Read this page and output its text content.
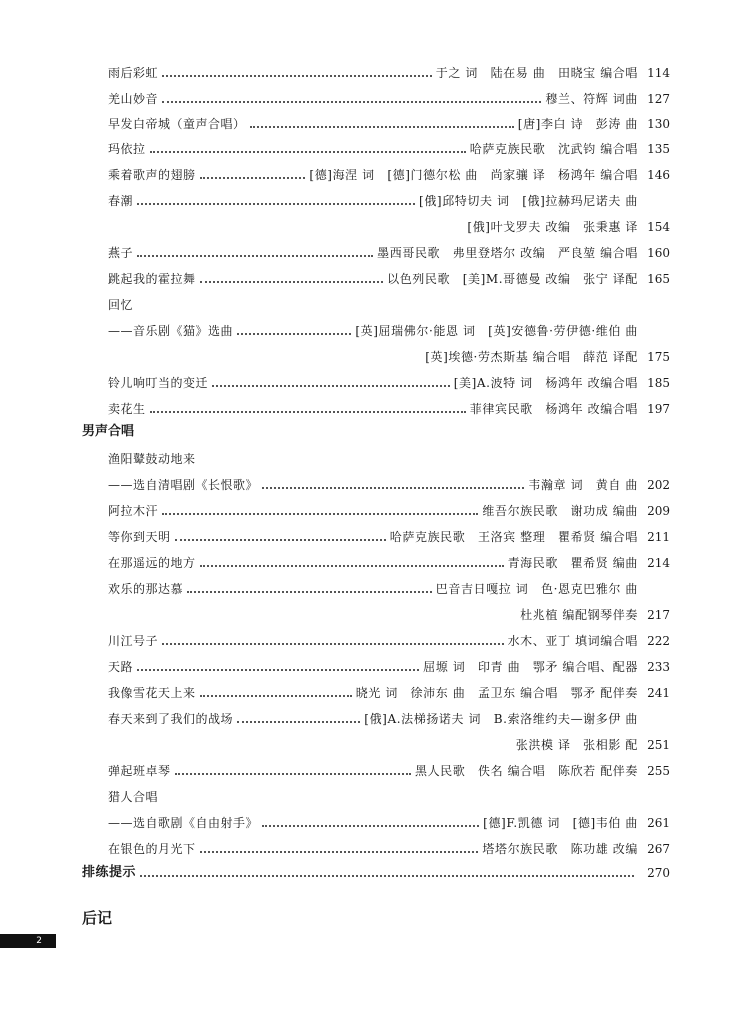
雨后彩虹	于之 词　陆在易 曲　田晓宝 编合唱 114
羌山妙音	穆兰、符辉 词曲 127
早发白帝城（童声合唱）	[唐]李白 诗　彭涛 曲 130
玛依拉	哈萨克族民歌　沈武钧 编合唱 135
乘着歌声的翅膀	[德]海涅 词　[德]门德尔松 曲　尚家骧 译　杨鸿年 编合唱 146
春潮	[俄]邱特切夫 词　[俄]拉赫玛尼诺夫 曲
[俄]叶戈罗夫 改编　张秉惠 译 154
燕子	墨西哥民歌　弗里登塔尔 改编　严良堃 编合唱 160
跳起我的霍拉舞	以色列民歌　[美]M.哥德曼 改编　张宁 译配 165
回忆
——音乐剧《猫》选曲	[英]屈瑞佛尔·能恩 词　[英]安德鲁·劳伊德·维伯 曲
[英]埃德·劳杰斯基 编合唱　薛范 译配 175
铃儿响叮当的变迁	[美]A.波特 词　杨鸿年 改编合唱 185
卖花生	菲律宾民歌　杨鸿年 改编合唱 197
男声合唱
渔阳鼙鼓动地来
——选自清唱剧《长恨歌》	韦瀚章 词　黄自 曲 202
阿拉木汗	维吾尔族民歌　谢功成 编曲 209
等你到天明	哈萨克族民歌　王洛宾 整理　瞿希贤 编合唱 211
在那遥远的地方	青海民歌　瞿希贤 编曲 214
欢乐的那达慕	巴音吉日嘎拉 词　色·恩克巴雅尔 曲
杜兆植 编配钢琴伴奏 217
川江号子	水木、亚丁 填词编合唱 222
天路	屈塬 词　印青 曲　鄂矛 编合唱、配器 233
我像雪花天上来	晓光 词　徐沛东 曲　孟卫东 编合唱　鄂矛 配伴奏 241
春天来到了我们的战场	[俄]A.法梯扬诺夫 词　B.索洛维约夫—谢多伊 曲
张洪模 译　张相影 配 251
弹起班卓琴	黑人民歌　佚名 编合唱　陈欣若 配伴奏 255
猎人合唱
——选自歌剧《自由射手》	[德]F.凯德 词　[德]韦伯 曲 261
在银色的月光下	塔塔尔族民歌　陈功雄 改编 267
排练提示	270
后记
2
